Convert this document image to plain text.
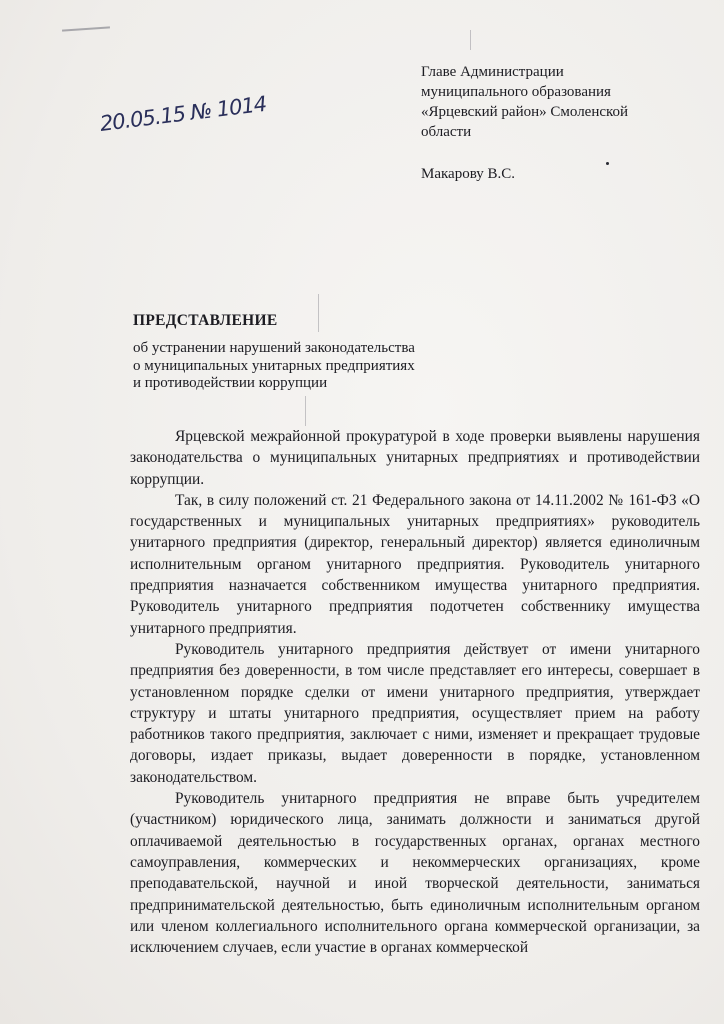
20.05.15 № 1014
Главе Администрации
муниципального образования
«Ярцевский район» Смоленской
области
Макарову В.С.
ПРЕДСТАВЛЕНИЕ
об устранении нарушений законодательства
о муниципальных унитарных предприятиях
и противодействии коррупции

Ярцевской межрайонной прокуратурой в ходе проверки выявлены нарушения законодательства о муниципальных унитарных предприятиях и противодействии коррупции.

Так, в силу положений ст. 21 Федерального закона от 14.11.2002 № 161-ФЗ «О государственных и муниципальных унитарных предприятиях» руководитель унитарного предприятия (директор, генеральный директор) является единоличным исполнительным органом унитарного предприятия. Руководитель унитарного предприятия назначается собственником имущества унитарного предприятия. Руководитель унитарного предприятия подотчетен собственнику имущества унитарного предприятия.

Руководитель унитарного предприятия действует от имени унитарного предприятия без доверенности, в том числе представляет его интересы, совершает в установленном порядке сделки от имени унитарного предприятия, утверждает структуру и штаты унитарного предприятия, осуществляет прием на работу работников такого предприятия, заключает с ними, изменяет и прекращает трудовые договоры, издает приказы, выдает доверенности в порядке, установленном законодательством.

Руководитель унитарного предприятия не вправе быть учредителем (участником) юридического лица, занимать должности и заниматься другой оплачиваемой деятельностью в государственных органах, органах местного самоуправления, коммерческих и некоммерческих организациях, кроме преподавательской, научной и иной творческой деятельности, заниматься предпринимательской деятельностью, быть единоличным исполнительным органом или членом коллегиального исполнительного органа коммерческой организации, за исключением случаев, если участие в органах коммерческой
